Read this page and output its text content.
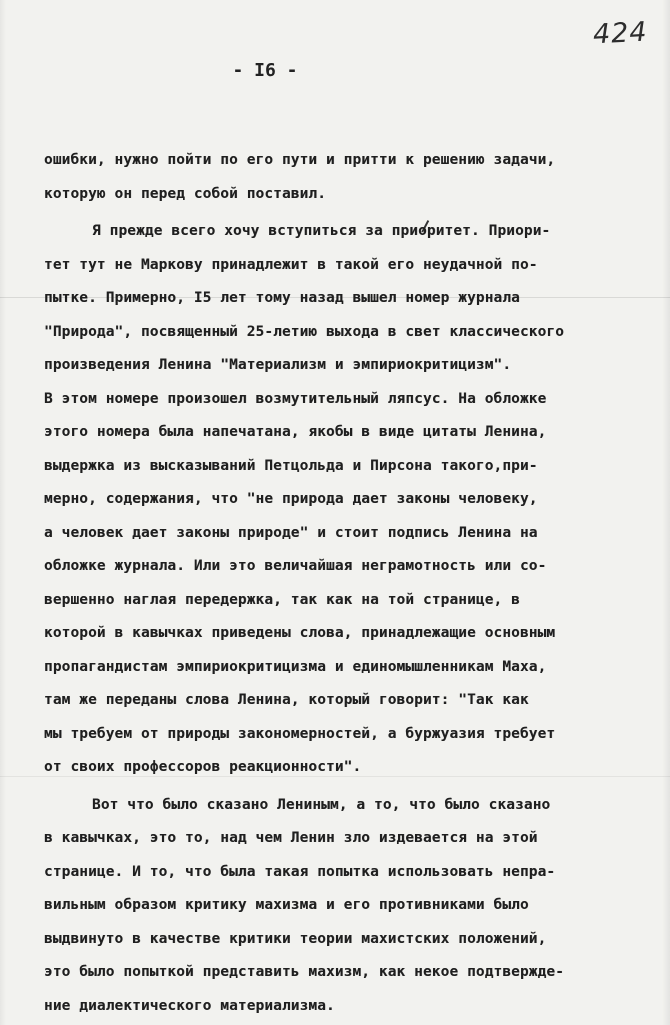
424
- I6 -
ошибки, нужно пойти по его пути и притти к решению задачи,
которую он перед собой поставил.
Я прежде всего хочу вступиться за приоритет. Приори-
тет тут не Маркову принадлежит в такой его неудачной по-
пытке. Примерно, I5 лет тому назад вышел номер журнала
"Природа", посвященный 25-летию выхода в свет классического
произведения Ленина "Материализм и эмпириокритицизм".
В этом номере произошел возмутительный ляпсус. На обложке
этого номера была напечатана, якобы в виде цитаты Ленина,
выдержка из высказываний Петцольда и Пирсона такого,при-
мерно, содержания, что "не природа дает законы человеку,
а человек дает законы природе" и стоит подпись Ленина на
обложке журнала. Или это величайшая неграмотность или со-
вершенно наглая передержка, так как на той странице, в
которой в кавычках приведены слова, принадлежащие основным
пропагандистам эмпириокритицизма и единомышленникам Маха,
там же переданы слова Ленина, который говорит: "Так как
мы требуем от природы закономерностей, а буржуазия требует
от своих профессоров реакционности".
Вот что было сказано Лениным, а то, что было сказано
в кавычках, это то, над чем Ленин зло издевается на этой
странице. И то, что была такая попытка использовать непра-
вильным образом критику махизма и его противниками было
выдвинуто в качестве критики теории махистских положений,
это было попыткой представить махизм, как некое подтвержде-
ние диалектического материализма.
